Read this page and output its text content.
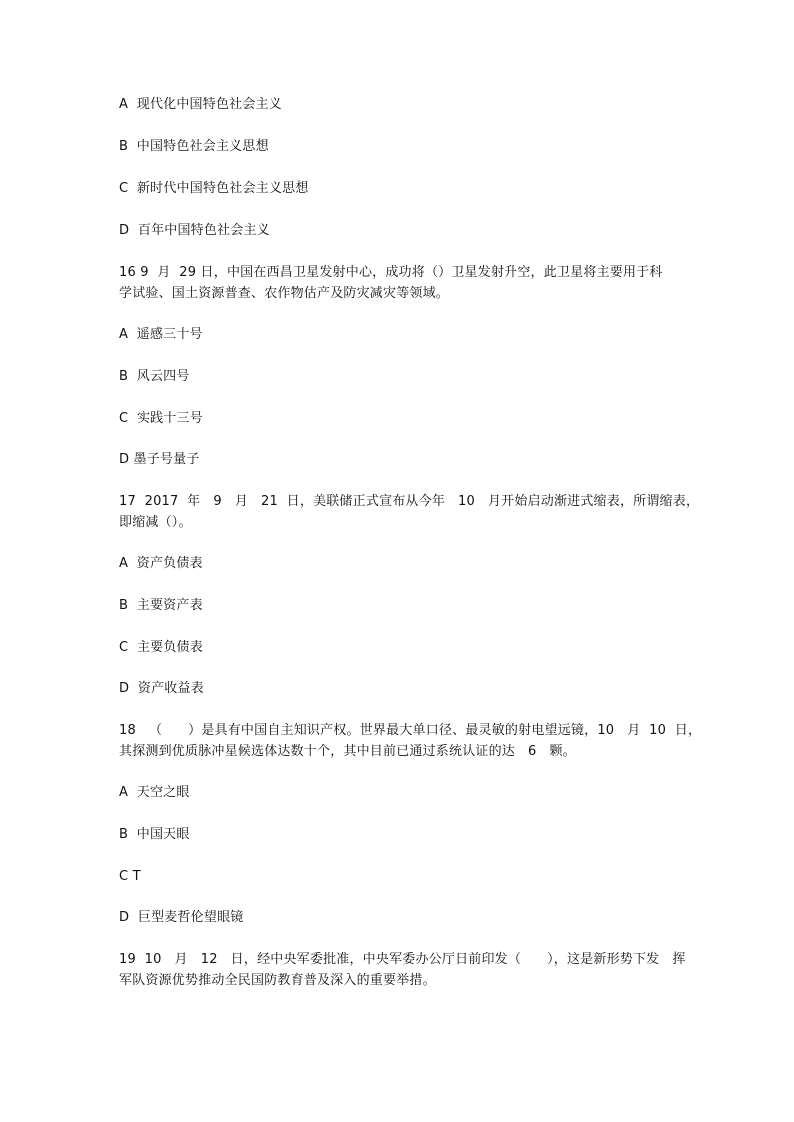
A  现代化中国特色社会主义
B  中国特色社会主义思想
C  新时代中国特色社会主义思想
D  百年中国特色社会主义
16 9  月  29 日，中国在西昌卫星发射中心，成功将（）卫星发射升空，此卫星将主要用于科
学试验、国土资源普查、农作物估产及防灾减灾等领域。
A  遥感三十号
B  风云四号
C  实践十三号
D 墨子号量子
17  2017  年   9   月   21  日，美联储正式宣布从今年   10   月开始启动渐进式缩表，所谓缩表，
即缩减（）。
A  资产负债表
B  主要资产表
C  主要负债表
D  资产收益表
18   （      ）是具有中国自主知识产权。世界最大单口径、最灵敏的射电望远镜，10   月  10  日，
其探测到优质脉冲星候选体达数十个，其中目前已通过系统认证的达   6   颗。
A  天空之眼
B  中国天眼
C T
D  巨型麦哲伦望眼镜
19  10   月   12   日，经中央军委批准，中央军委办公厅日前印发（      ），这是新形势下发   挥
军队资源优势推动全民国防教育普及深入的重要举措。
